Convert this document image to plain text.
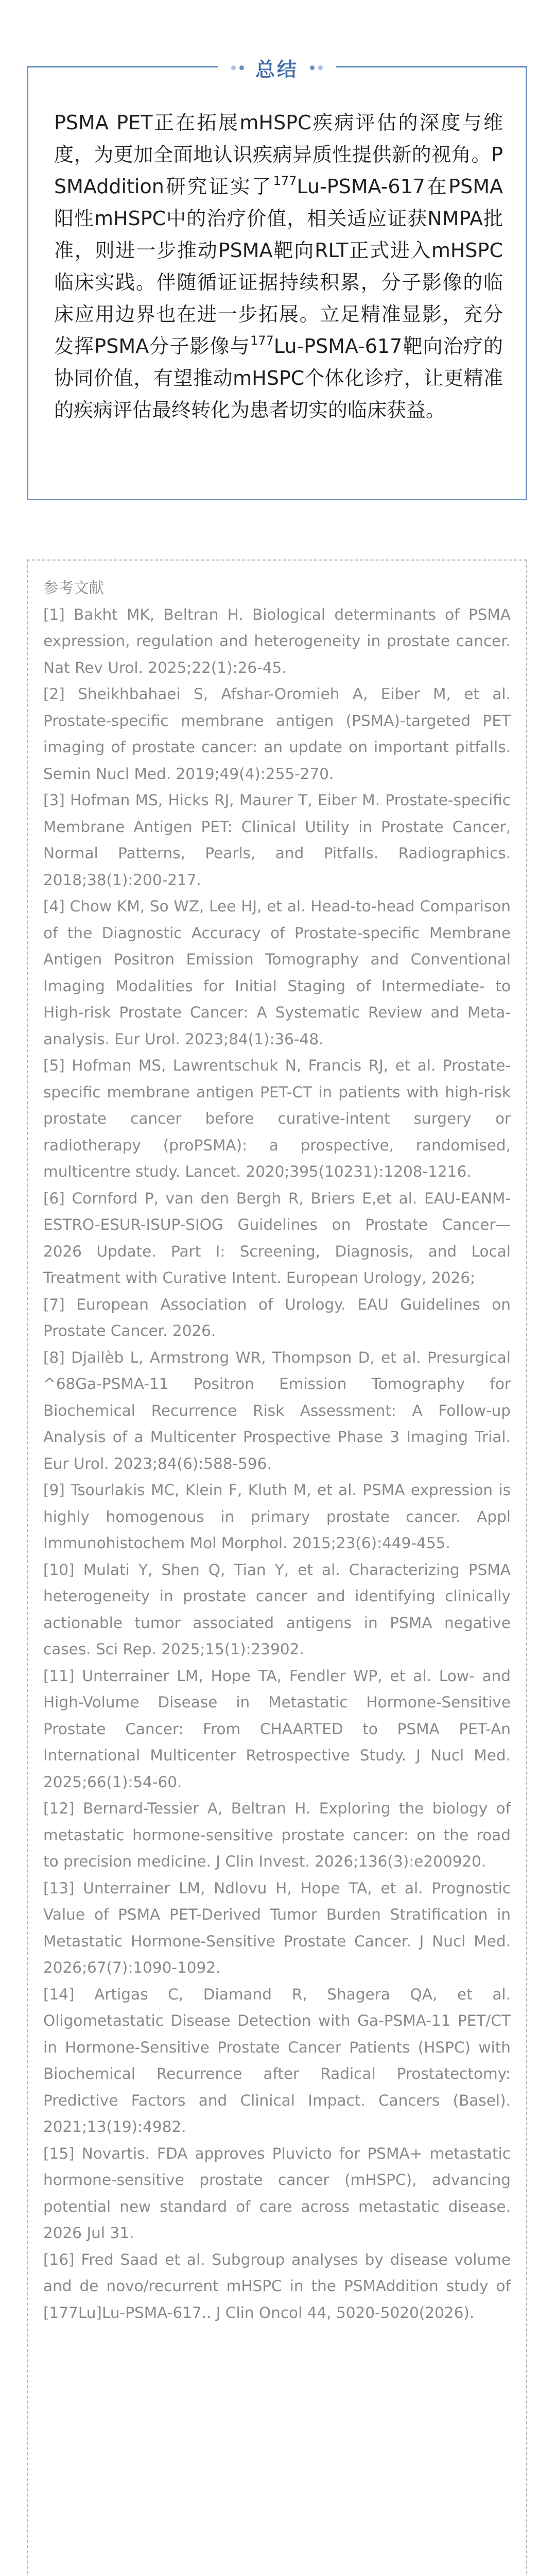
总结

PSMA PET正在拓展mHSPC疾病评估的深度与维度，为更加全面地认识疾病异质性提供新的视角。PSMAddition研究证实了$^{177}$Lu-PSMA-617在PSMA阳性mHSPC中的治疗价值，相关适应证获NMPA批准，则进一步推动PSMA靶向RLT正式进入mHSPC临床实践。伴随循证证据持续积累，分子影像的临床应用边界也在进一步拓展。立足精准显影，充分发挥PSMA分子影像与$^{177}$Lu-PSMA-617靶向治疗的协同价值，有望推动mHSPC个体化诊疗，让更精准的疾病评估最终转化为患者切实的临床获益。

参考文献

[1] Bakht MK, Beltran H. Biological determinants of PSMA expression, regulation and heterogeneity in prostate cancer. Nat Rev Urol. 2025;22(1):26-45.

[2] Sheikhbahaei S, Afshar-Oromieh A, Eiber M, et al. Prostate-specific membrane antigen (PSMA)-targeted PET imaging of prostate cancer: an update on important pitfalls. Semin Nucl Med. 2019;49(4):255-270.

[3] Hofman MS, Hicks RJ, Maurer T, Eiber M. Prostate-specific Membrane Antigen PET: Clinical Utility in Prostate Cancer, Normal Patterns, Pearls, and Pitfalls. Radiographics. 2018;38(1):200-217.

[4] Chow KM, So WZ, Lee HJ, et al. Head-to-head Comparison of the Diagnostic Accuracy of Prostate-specific Membrane Antigen Positron Emission Tomography and Conventional Imaging Modalities for Initial Staging of Intermediate- to High-risk Prostate Cancer: A Systematic Review and Meta-analysis. Eur Urol. 2023;84(1):36-48.

[5] Hofman MS, Lawrentschuk N, Francis RJ, et al. Prostate-specific membrane antigen PET-CT in patients with high-risk prostate cancer before curative-intent surgery or radiotherapy (proPSMA): a prospective, randomised, multicentre study. Lancet. 2020;395(10231):1208-1216.

[6] Cornford P, van den Bergh R, Briers E,et al. EAU-EANM-ESTRO-ESUR-ISUP-SIOG Guidelines on Prostate Cancer—2026 Update. Part I: Screening, Diagnosis, and Local Treatment with Curative Intent. European Urology, 2026;

[7] European Association of Urology. EAU Guidelines on Prostate Cancer. 2026.

[8] Djailèb L, Armstrong WR, Thompson D, et al. Presurgical ^68Ga-PSMA-11 Positron Emission Tomography for Biochemical Recurrence Risk Assessment: A Follow-up Analysis of a Multicenter Prospective Phase 3 Imaging Trial. Eur Urol. 2023;84(6):588-596.

[9] Tsourlakis MC, Klein F, Kluth M, et al. PSMA expression is highly homogenous in primary prostate cancer. Appl Immunohistochem Mol Morphol. 2015;23(6):449-455.

[10] Mulati Y, Shen Q, Tian Y, et al. Characterizing PSMA heterogeneity in prostate cancer and identifying clinically actionable tumor associated antigens in PSMA negative cases. Sci Rep. 2025;15(1):23902.

[11] Unterrainer LM, Hope TA, Fendler WP, et al. Low- and High-Volume Disease in Metastatic Hormone-Sensitive Prostate Cancer: From CHAARTED to PSMA PET-An International Multicenter Retrospective Study. J Nucl Med. 2025;66(1):54-60.

[12] Bernard-Tessier A, Beltran H. Exploring the biology of metastatic hormone-sensitive prostate cancer: on the road to precision medicine. J Clin Invest. 2026;136(3):e200920.

[13] Unterrainer LM, Ndlovu H, Hope TA, et al. Prognostic Value of PSMA PET-Derived Tumor Burden Stratification in Metastatic Hormone-Sensitive Prostate Cancer. J Nucl Med. 2026;67(7):1090-1092.

[14] Artigas C, Diamand R, Shagera QA, et al. Oligometastatic Disease Detection with Ga-PSMA-11 PET/CT in Hormone-Sensitive Prostate Cancer Patients (HSPC) with Biochemical Recurrence after Radical Prostatectomy: Predictive Factors and Clinical Impact. Cancers (Basel). 2021;13(19):4982.

[15] Novartis. FDA approves Pluvicto for PSMA+ metastatic hormone-sensitive prostate cancer (mHSPC), advancing potential new standard of care across metastatic disease. 2026 Jul 31.

[16] Fred Saad et al. Subgroup analyses by disease volume and de novo/recurrent mHSPC in the PSMAddition study of [177Lu]Lu-PSMA-617.. J Clin Oncol 44, 5020-5020(2026).
